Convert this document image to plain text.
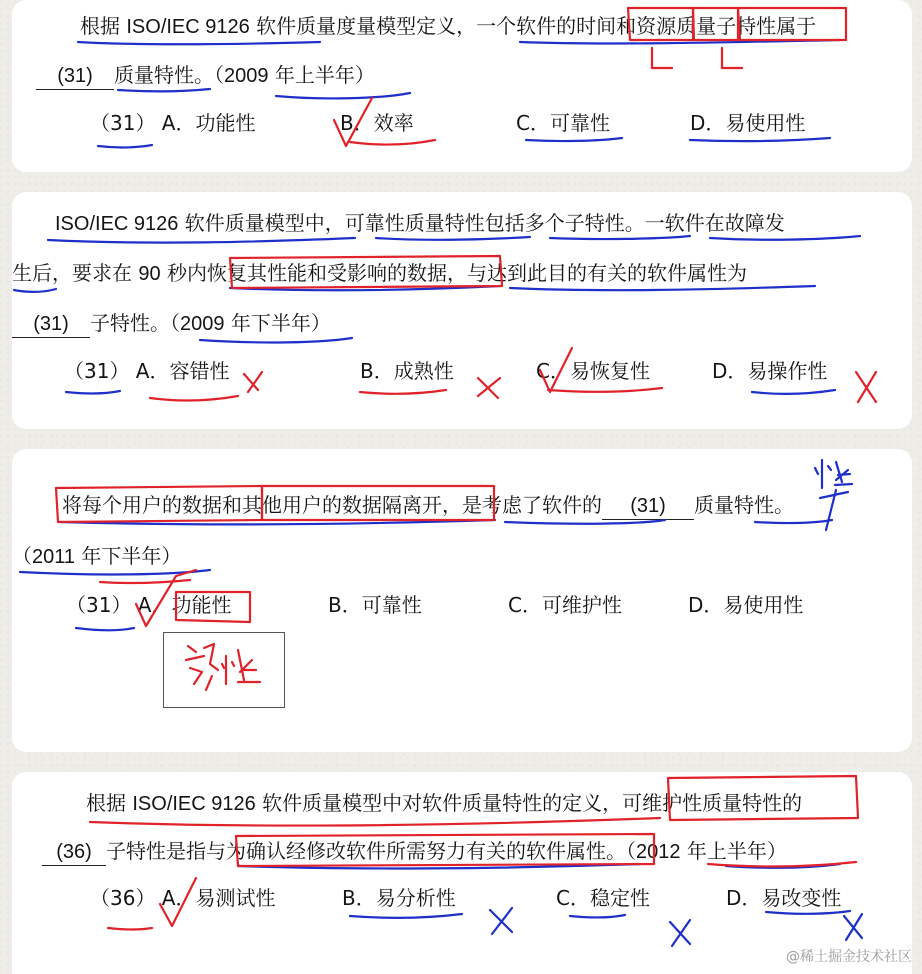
根据 ISO/IEC 9126 软件质量度量模型定义，一个软件的时间和资源质量子特性属于
(31) 质量特性。（2009 年上半年）
（31） A．功能性	B．效率	C．可靠性	D．易使用性
ISO/IEC 9126 软件质量模型中，可靠性质量特性包括多个子特性。一软件在故障发
生后，要求在 90 秒内恢复其性能和受影响的数据，与达到此目的有关的软件属性为
(31) 子特性。（2009 年下半年）
（31） A．容错性	B．成熟性	C．易恢复性	D．易操作性
将每个用户的数据和其他用户的数据隔离开，是考虑了软件的 (31) 质量特性。
（2011 年下半年）
（31） A．功能性	B．可靠性	C．可维护性	D．易使用性
根据 ISO/IEC 9126 软件质量模型中对软件质量特性的定义，可维护性质量特性的
(36) 子特性是指与为确认经修改软件所需努力有关的软件属性。（2012 年上半年）
（36） A．易测试性	B．易分析性	C．稳定性	D．易改变性
@稀土掘金技术社区
